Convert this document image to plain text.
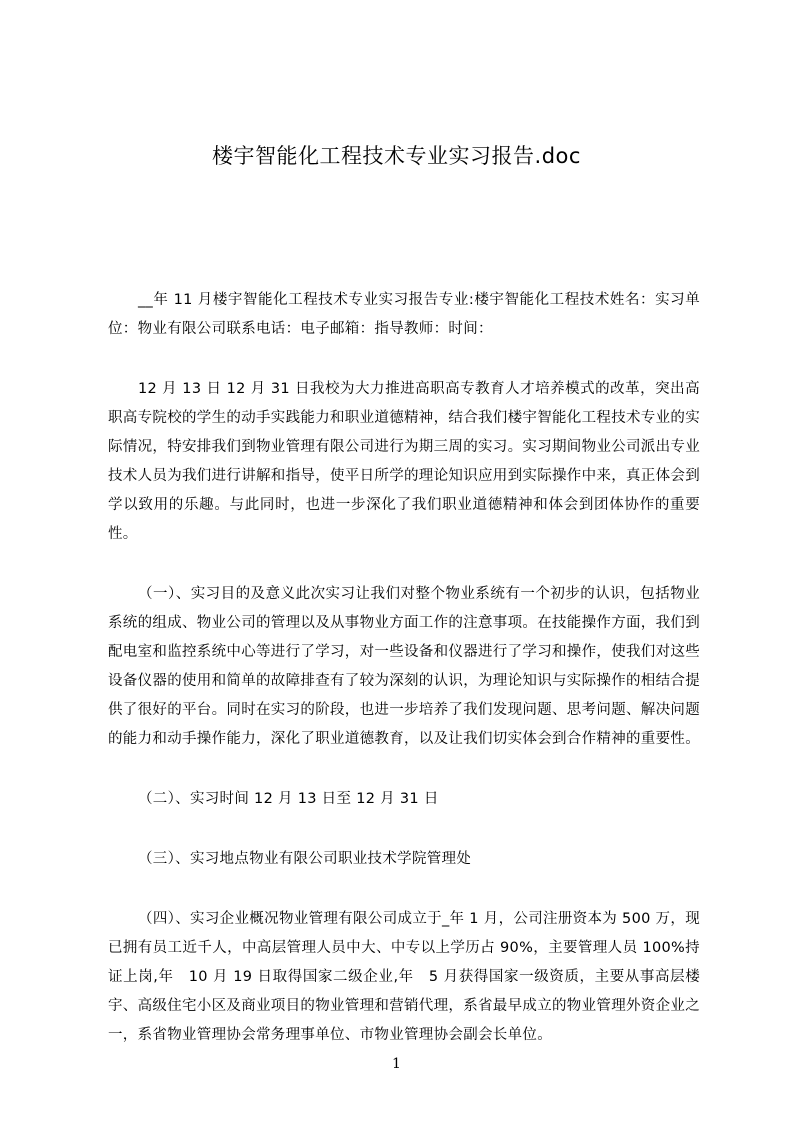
楼宇智能化工程技术专业实习报告.doc

__年 11 月楼宇智能化工程技术专业实习报告专业:楼宇智能化工程技术姓名：实习单位：物业有限公司联系电话：电子邮箱：指导教师：时间：

12 月 13 日 12 月 31 日我校为大力推进高职高专教育人才培养模式的改革，突出高职高专院校的学生的动手实践能力和职业道德精神，结合我们楼宇智能化工程技术专业的实际情况，特安排我们到物业管理有限公司进行为期三周的实习。实习期间物业公司派出专业技术人员为我们进行讲解和指导，使平日所学的理论知识应用到实际操作中来，真正体会到学以致用的乐趣。与此同时，也进一步深化了我们职业道德精神和体会到团体协作的重要性。

（一）、实习目的及意义此次实习让我们对整个物业系统有一个初步的认识，包括物业系统的组成、物业公司的管理以及从事物业方面工作的注意事项。在技能操作方面，我们到配电室和监控系统中心等进行了学习，对一些设备和仪器进行了学习和操作，使我们对这些设备仪器的使用和简单的故障排查有了较为深刻的认识，为理论知识与实际操作的相结合提供了很好的平台。同时在实习的阶段，也进一步培养了我们发现问题、思考问题、解决问题的能力和动手操作能力，深化了职业道德教育，以及让我们切实体会到合作精神的重要性。

（二）、实习时间 12 月 13 日至 12 月 31 日

（三）、实习地点物业有限公司职业技术学院管理处

（四）、实习企业概况物业管理有限公司成立于_年 1 月，公司注册资本为 500 万，现已拥有员工近千人，中高层管理人员中大、中专以上学历占 90%，主要管理人员 100%持证上岗,年　10 月 19 日取得国家二级企业,年　5 月获得国家一级资质，主要从事高层楼宇、高级住宅小区及商业项目的物业管理和营销代理，系省最早成立的物业管理外资企业之一，系省物业管理协会常务理事单位、市物业管理协会副会长单位。

1
